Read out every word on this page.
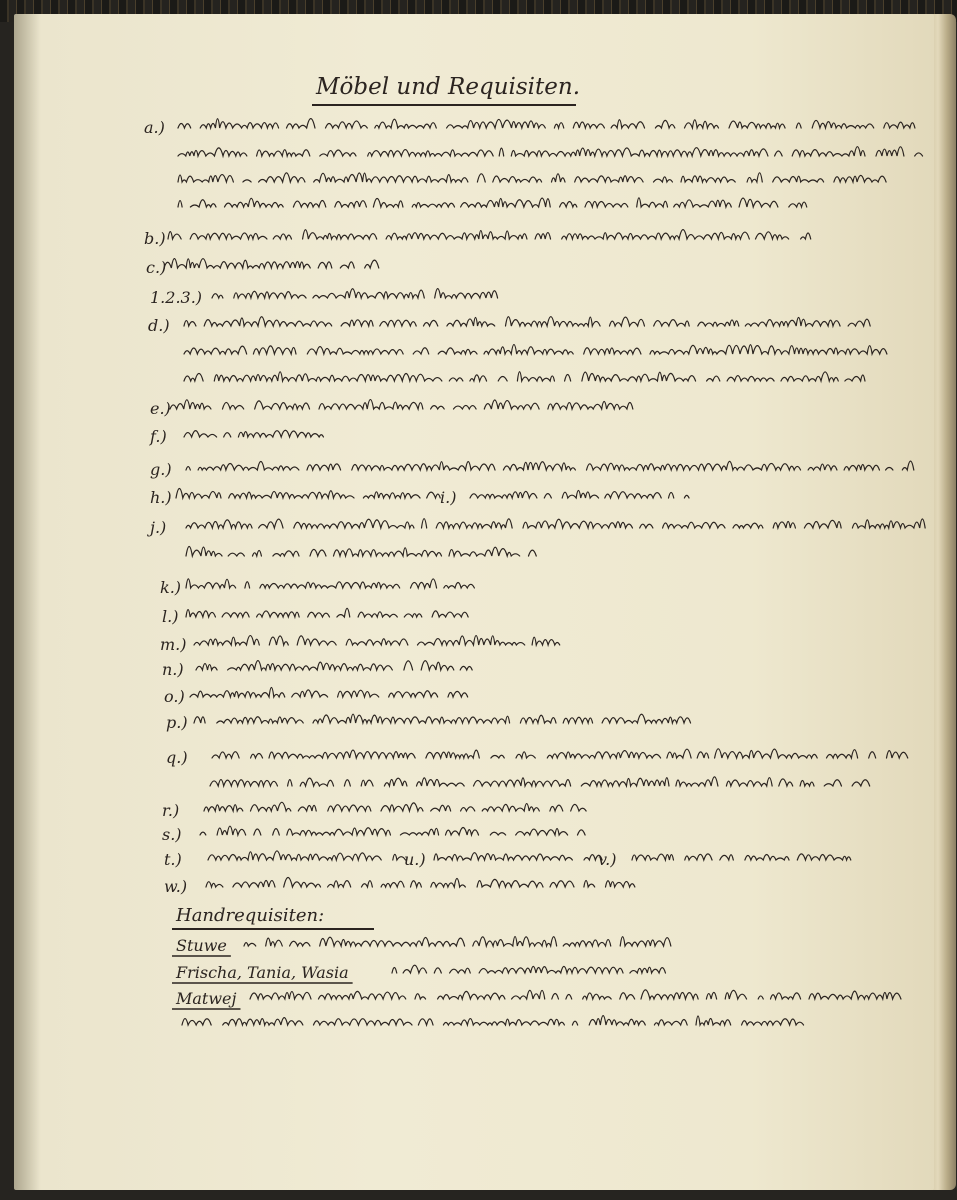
Möbel und Requisiten.
a.)
b.)
c.)
1.2.3.)
d.)
e.)
f.)
g.)
h.)	i.)
j.)
k.)
l.)
m.)
n.)
o.)
p.)
q.)
r.)
s.)
t.)	u.)	v.)
w.)
Stuwe
Frischa, Tania, Wasia
Matwej
Handrequisiten:
